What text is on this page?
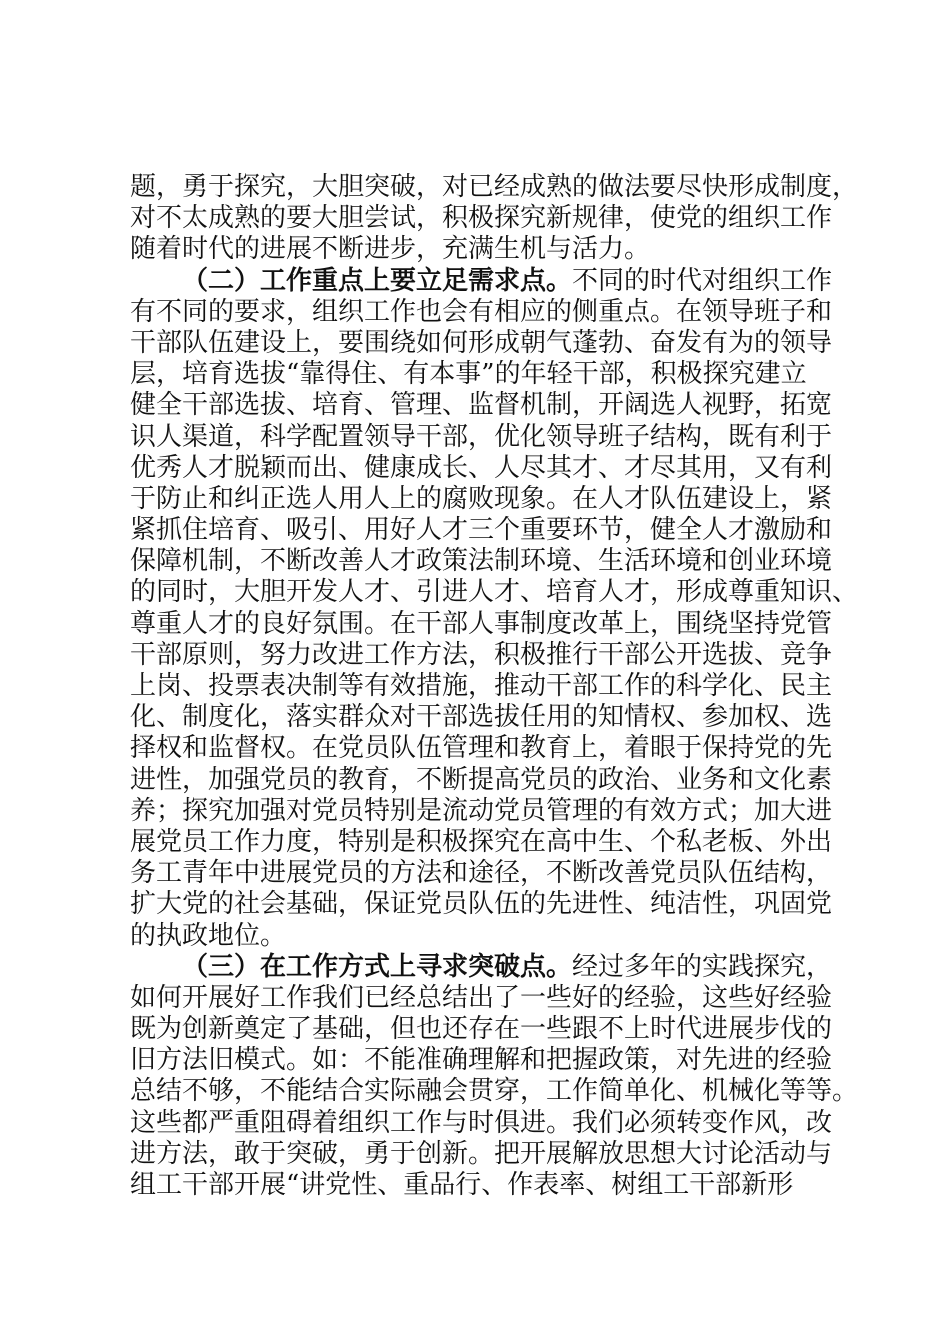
题，勇于探究，大胆突破，对已经成熟的做法要尽快形成制度，
对不太成熟的要大胆尝试，积极探究新规律，使党的组织工作
随着时代的进展不断进步，充满生机与活力。
（二）工作重点上要立足需求点。不同的时代对组织工作
有不同的要求，组织工作也会有相应的侧重点。在领导班子和
干部队伍建设上，要围绕如何形成朝气蓬勃、奋发有为的领导
层，培育选拔“靠得住、有本事”的年轻干部，积极探究建立
健全干部选拔、培育、管理、监督机制，开阔选人视野，拓宽
识人渠道，科学配置领导干部，优化领导班子结构，既有利于
优秀人才脱颖而出、健康成长、人尽其才、才尽其用，又有利
于防止和纠正选人用人上的腐败现象。在人才队伍建设上，紧
紧抓住培育、吸引、用好人才三个重要环节，健全人才激励和
保障机制，不断改善人才政策法制环境、生活环境和创业环境
的同时，大胆开发人才、引进人才、培育人才，形成尊重知识、
尊重人才的良好氛围。在干部人事制度改革上，围绕坚持党管
干部原则，努力改进工作方法，积极推行干部公开选拔、竞争
上岗、投票表决制等有效措施，推动干部工作的科学化、民主
化、制度化，落实群众对干部选拔任用的知情权、参加权、选
择权和监督权。在党员队伍管理和教育上，着眼于保持党的先
进性，加强党员的教育，不断提高党员的政治、业务和文化素
养；探究加强对党员特别是流动党员管理的有效方式；加大进
展党员工作力度，特别是积极探究在高中生、个私老板、外出
务工青年中进展党员的方法和途径，不断改善党员队伍结构，
扩大党的社会基础，保证党员队伍的先进性、纯洁性，巩固党
的执政地位。
（三）在工作方式上寻求突破点。经过多年的实践探究，
如何开展好工作我们已经总结出了一些好的经验，这些好经验
既为创新奠定了基础，但也还存在一些跟不上时代进展步伐的
旧方法旧模式。如：不能准确理解和把握政策，对先进的经验
总结不够，不能结合实际融会贯穿，工作简单化、机械化等等。
这些都严重阻碍着组织工作与时俱进。我们必须转变作风，改
进方法，敢于突破，勇于创新。把开展解放思想大讨论活动与
组工干部开展“讲党性、重品行、作表率、树组工干部新形
